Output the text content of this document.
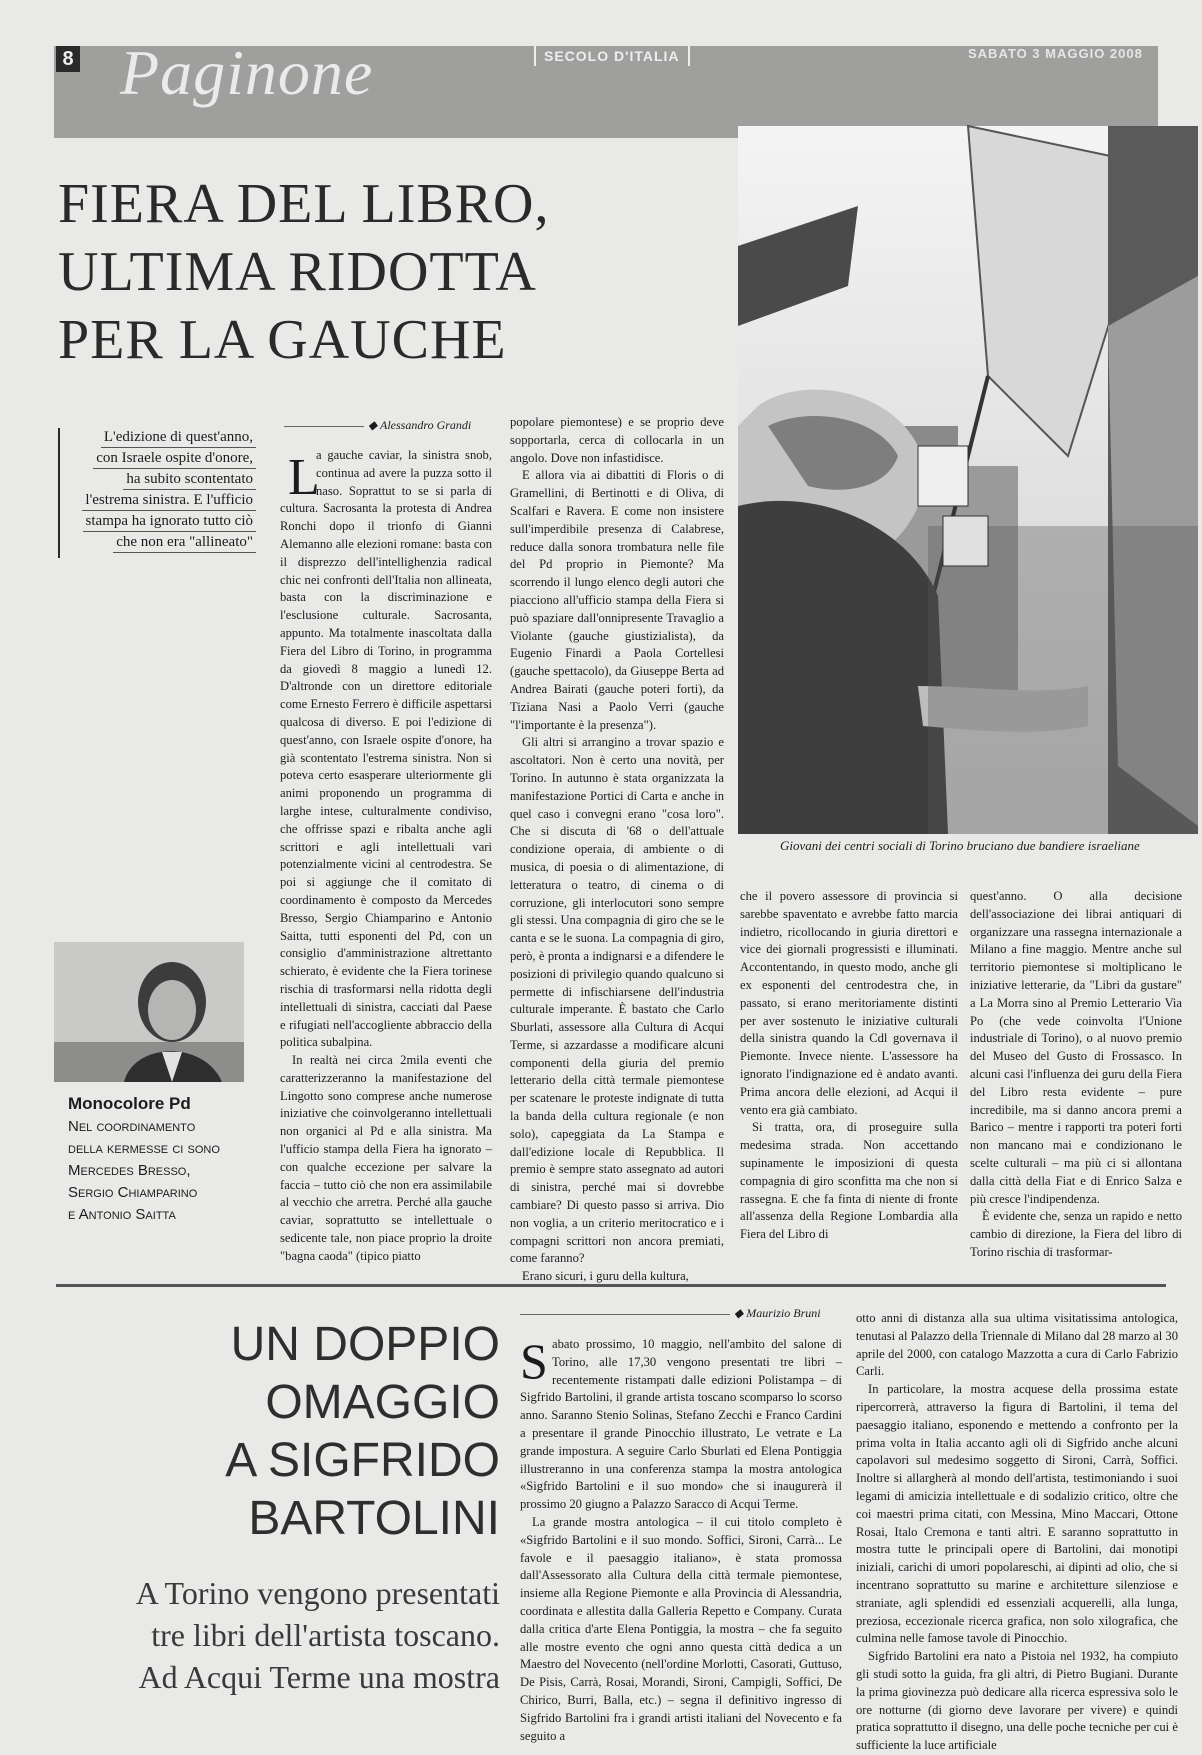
8 Paginone	SECOLO D'ITALIA	SABATO 3 MAGGIO 2008
FIERA DEL LIBRO,
ULTIMA RIDOTTA
PER LA GAUCHE
Giovani dei centri sociali di Torino bruciano due bandiere israeliane
L'edizione di quest'anno,
con Israele ospite d'onore,
ha subito scontentato
l'estrema sinistra. E l'ufficio
stampa ha ignorato tutto ciò
che non era "allineato"
◆ Alessandro Grandi
L

a gauche caviar, la sinistra snob, continua ad avere la puzza sotto il naso. Soprattut to se si parla di cultura. Sacrosanta la protesta di Andrea Ronchi dopo il trionfo di Gianni Alemanno alle elezioni romane: basta con il disprezzo dell'intellighenzia radical chic nei confronti dell'Italia non allineata, basta con la discriminazione e l'esclusione culturale. Sacrosanta, appunto. Ma totalmente inascoltata dalla Fiera del Libro di Torino, in programma da giovedì 8 maggio a lunedì 12. D'altronde con un direttore editoriale come Ernesto Ferrero è difficile aspettarsi qualcosa di diverso. E poi l'edizione di quest'anno, con Israele ospite d'onore, ha già scontentato l'estrema sinistra. Non si poteva certo esasperare ulteriormente gli animi proponendo un programma di larghe intese, culturalmente condiviso, che offrisse spazi e ribalta anche agli scrittori e agli intellettuali vari potenzialmente vicini al centrodestra. Se poi si aggiunge che il comitato di coordinamento è composto da Mercedes Bresso, Sergio Chiamparino e Antonio Saitta, tutti esponenti del Pd, con un consiglio d'amministrazione altrettanto schierato, è evidente che la Fiera torinese rischia di trasformarsi nella ridotta degli intellettuali di sinistra, cacciati dal Paese e rifugiati nell'accogliente abbraccio della politica subalpina.

In realtà nei circa 2mila eventi che caratterizzeranno la manifestazione del Lingotto sono comprese anche numerose iniziative che coinvolgeranno intellettuali non organici al Pd e alla sinistra. Ma l'ufficio stampa della Fiera ha ignorato – con qualche eccezione per salvare la faccia – tutto ciò che non era assimilabile al vecchio che arretra. Perché alla gauche caviar, soprattutto se intellettuale o sedicente tale, non piace proprio la droite "bagna caoda" (tipico piatto

popolare piemontese) e se proprio deve sopportarla, cerca di collocarla in un angolo. Dove non infastidisce.

E allora via ai dibattiti di Floris o di Gramellini, di Bertinotti e di Oliva, di Scalfari e Ravera. E come non insistere sull'imperdibile presenza di Calabrese, reduce dalla sonora trombatura nelle file del Pd proprio in Piemonte? Ma scorrendo il lungo elenco degli autori che piacciono all'ufficio stampa della Fiera si può spaziare dall'onnipresente Travaglio a Violante (gauche giustizialista), da Eugenio Finardi a Paola Cortellesi (gauche spettacolo), da Giuseppe Berta ad Andrea Bairati (gauche poteri forti), da Tiziana Nasi a Paolo Verri (gauche "l'importante è la presenza").

Gli altri si arrangino a trovar spazio e ascoltatori. Non è certo una novità, per Torino. In autunno è stata organizzata la manifestazione Portici di Carta e anche in quel caso i convegni erano "cosa loro". Che si discuta di '68 o dell'attuale condizione operaia, di ambiente o di musica, di poesia o di alimentazione, di letteratura o teatro, di cinema o di corruzione, gli interlocutori sono sempre gli stessi. Una compagnia di giro che se le canta e se le suona. La compagnia di giro, però, è pronta a indignarsi e a difendere le posizioni di privilegio quando qualcuno si permette di infischiarsene dell'industria culturale imperante. È bastato che Carlo Sburlati, assessore alla Cultura di Acqui Terme, si azzardasse a modificare alcuni componenti della giuria del premio letterario della città termale piemontese per scatenare le proteste indignate di tutta la banda della cultura regionale (e non solo), capeggiata da La Stampa e dall'edizione locale di Repubblica. Il premio è sempre stato assegnato ad autori di sinistra, perché mai si dovrebbe cambiare? Di questo passo si arriva. Dio non voglia, a un criterio meritocratico e i compagni scrittori non ancora premiati, come faranno?

Erano sicuri, i guru della kultura,

che il povero assessore di provincia si sarebbe spaventato e avrebbe fatto marcia indietro, ricollocando in giuria direttori e vice dei giornali progressisti e illuminati. Accontentando, in questo modo, anche gli ex esponenti del centrodestra che, in passato, si erano meritoriamente distinti per aver sostenuto le iniziative culturali della sinistra quando la Cdl governava il Piemonte. Invece niente. L'assessore ha ignorato l'indignazione ed è andato avanti. Prima ancora delle elezioni, ad Acqui il vento era già cambiato.

Si tratta, ora, di proseguire sulla medesima strada. Non accettando supinamente le imposizioni di questa compagnia di giro sconfitta ma che non si rassegna. E che fa finta di niente di fronte all'assenza della Regione Lombardia alla Fiera del Libro di

quest'anno. O alla decisione dell'associazione dei librai antiquari di organizzare una rassegna internazionale a Milano a fine maggio. Mentre anche sul territorio piemontese si moltiplicano le iniziative letterarie, da "Libri da gustare" a La Morra sino al Premio Letterario Via Po (che vede coinvolta l'Unione industriale di Torino), o al nuovo premio del Museo del Gusto di Frossasco. In alcuni casi l'influenza dei guru della Fiera del Libro resta evidente – pure incredibile, ma si danno ancora premi a Barico – mentre i rapporti tra poteri forti non mancano mai e condizionano le scelte culturali – ma più ci si allontana dalla città della Fiat e di Enrico Salza e più cresce l'indipendenza.

È evidente che, senza un rapido e netto cambio di direzione, la Fiera del libro di Torino rischia di trasformar-

Monocolore Pd
Nel coordinamento
della kermesse ci sono
Mercedes Bresso,
Sergio Chiamparino
e Antonio Saitta
UN DOPPIO
OMAGGIO
A SIGFRIDO
BARTOLINI
A Torino vengono presentati
tre libri dell'artista toscano.
Ad Acqui Terme una mostra
◆ Maurizio Bruni
S abato prossimo, 10 maggio, nell'ambito del salone di Torino, alle 17,30 vengono presentati tre libri – recentemente ristampati dalle edizioni Polistampa – di Sigfrido Bartolini, il grande artista toscano scomparso lo scorso anno. Saranno Stenio Solinas, Stefano Zecchi e Franco Cardini a presentare il grande Pinocchio illustrato, Le vetrate e La grande impostura. A seguire Carlo Sburlati ed Elena Pontiggia illustreranno in una conferenza stampa la mostra antologica «Sigfrido Bartolini e il suo mondo» che si inaugurerà il prossimo 20 giugno a Palazzo Saracco di Acqui Terme.

La grande mostra antologica – il cui titolo completo è «Sigfrido Bartolini e il suo mondo. Soffici, Sironi, Carrà... Le favole e il paesaggio italiano», è stata promossa dall'Assessorato alla Cultura della città termale piemontese, insieme alla Regione Piemonte e alla Provincia di Alessandria, coordinata e allestita dalla Galleria Repetto e Company. Curata dalla critica d'arte Elena Pontiggia, la mostra – che fa seguito alle mostre evento che ogni anno questa città dedica a un Maestro del Novecento (nell'ordine Morlotti, Casorati, Guttuso, De Pisis, Carrà, Rosai, Morandi, Sironi, Campigli, Soffici, De Chirico, Burri, Balla, etc.) – segna il definitivo ingresso di Sigfrido Bartolini fra i grandi artisti italiani del Novecento e fa seguito a

otto anni di distanza alla sua ultima visitatissima antologica, tenutasi al Palazzo della Triennale di Milano dal 28 marzo al 30 aprile del 2000, con catalogo Mazzotta a cura di Carlo Fabrizio Carli.

In particolare, la mostra acquese della prossima estate ripercorrerà, attraverso la figura di Bartolini, il tema del paesaggio italiano, esponendo e mettendo a confronto per la prima volta in Italia accanto agli oli di Sigfrido anche alcuni capolavori sul medesimo soggetto di Sironi, Carrà, Soffici. Inoltre si allargherà al mondo dell'artista, testimoniando i suoi legami di amicizia intellettuale e di sodalizio critico, oltre che coi maestri prima citati, con Messina, Mino Maccari, Ottone Rosai, Italo Cremona e tanti altri. E saranno soprattutto in mostra tutte le principali opere di Bartolini, dai monotipi iniziali, carichi di umori popolareschi, ai dipinti ad olio, che si incentrano soprattutto su marine e architetture silenziose e straniate, agli splendidi ed essenziali acquerelli, alla lunga, preziosa, eccezionale ricerca grafica, non solo xilografica, che culmina nelle famose tavole di Pinocchio.

Sigfrido Bartolini era nato a Pistoia nel 1932, ha compiuto gli studi sotto la guida, fra gli altri, di Pietro Bugiani. Durante la prima giovinezza può dedicare alla ricerca espressiva solo le ore notturne (di giorno deve lavorare per vivere) e quindi pratica soprattutto il disegno, una delle poche tecniche per cui è sufficiente la luce artificiale
